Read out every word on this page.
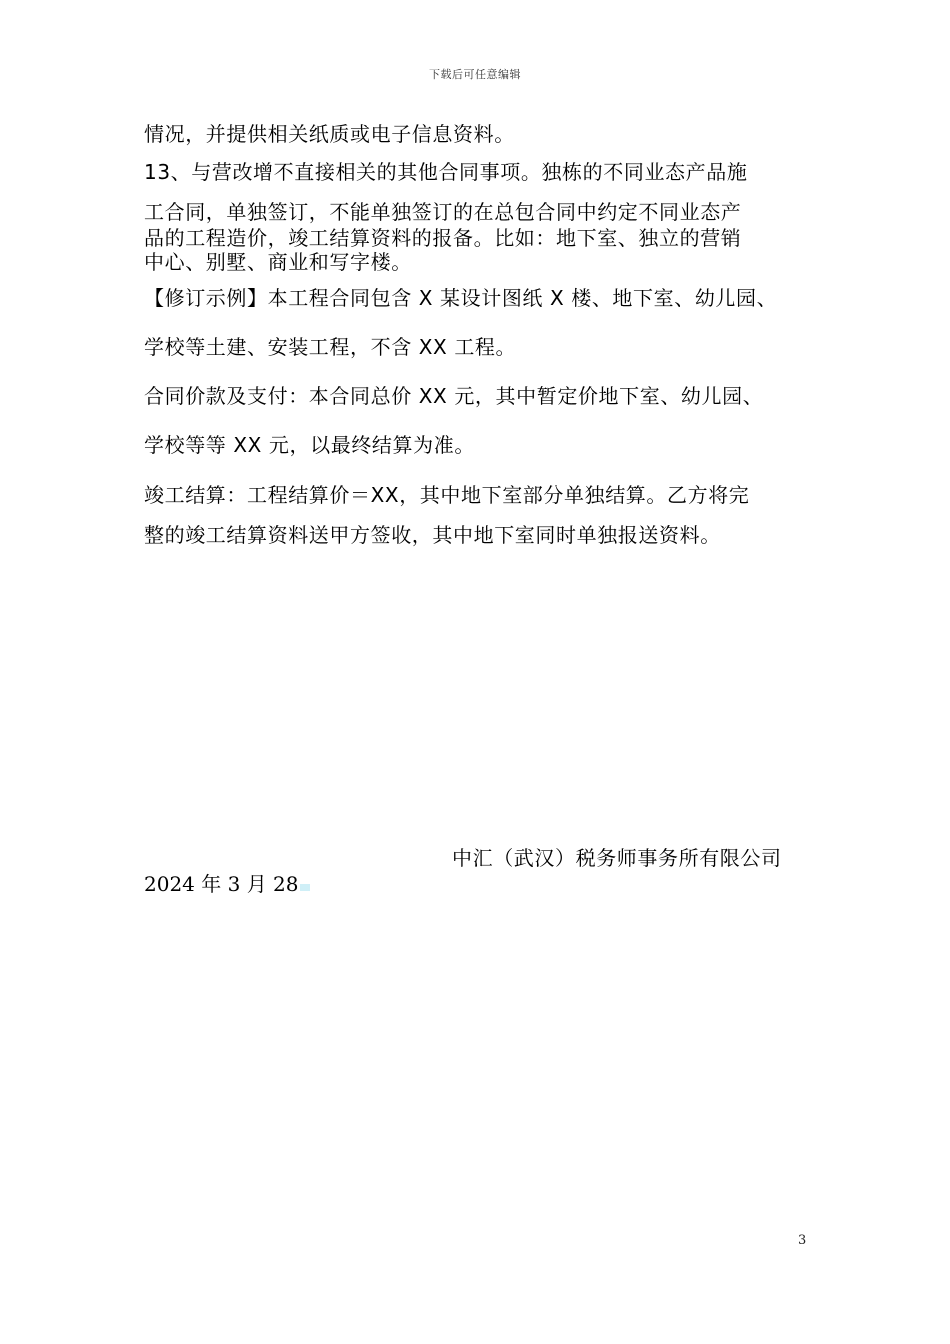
下载后可任意编辑
情况，并提供相关纸质或电子信息资料。
13、与营改增不直接相关的其他合同事项。独栋的不同业态产品施
工合同，单独签订，不能单独签订的在总包合同中约定不同业态产
品的工程造价，竣工结算资料的报备。比如：地下室、独立的营销
中心、别墅、商业和写字楼。
【修订示例】本工程合同包含 X 某设计图纸 X 楼、地下室、幼儿园、
学校等土建、安装工程，不含 XX 工程。
合同价款及支付：本合同总价 XX 元，其中暂定价地下室、幼儿园、
学校等等 XX 元，以最终结算为准。
竣工结算：工程结算价＝XX，其中地下室部分单独结算。乙方将完
整的竣工结算资料送甲方签收，其中地下室同时单独报送资料。
中汇（武汉）税务师事务所有限公司
2024 年 3 月 28
3
